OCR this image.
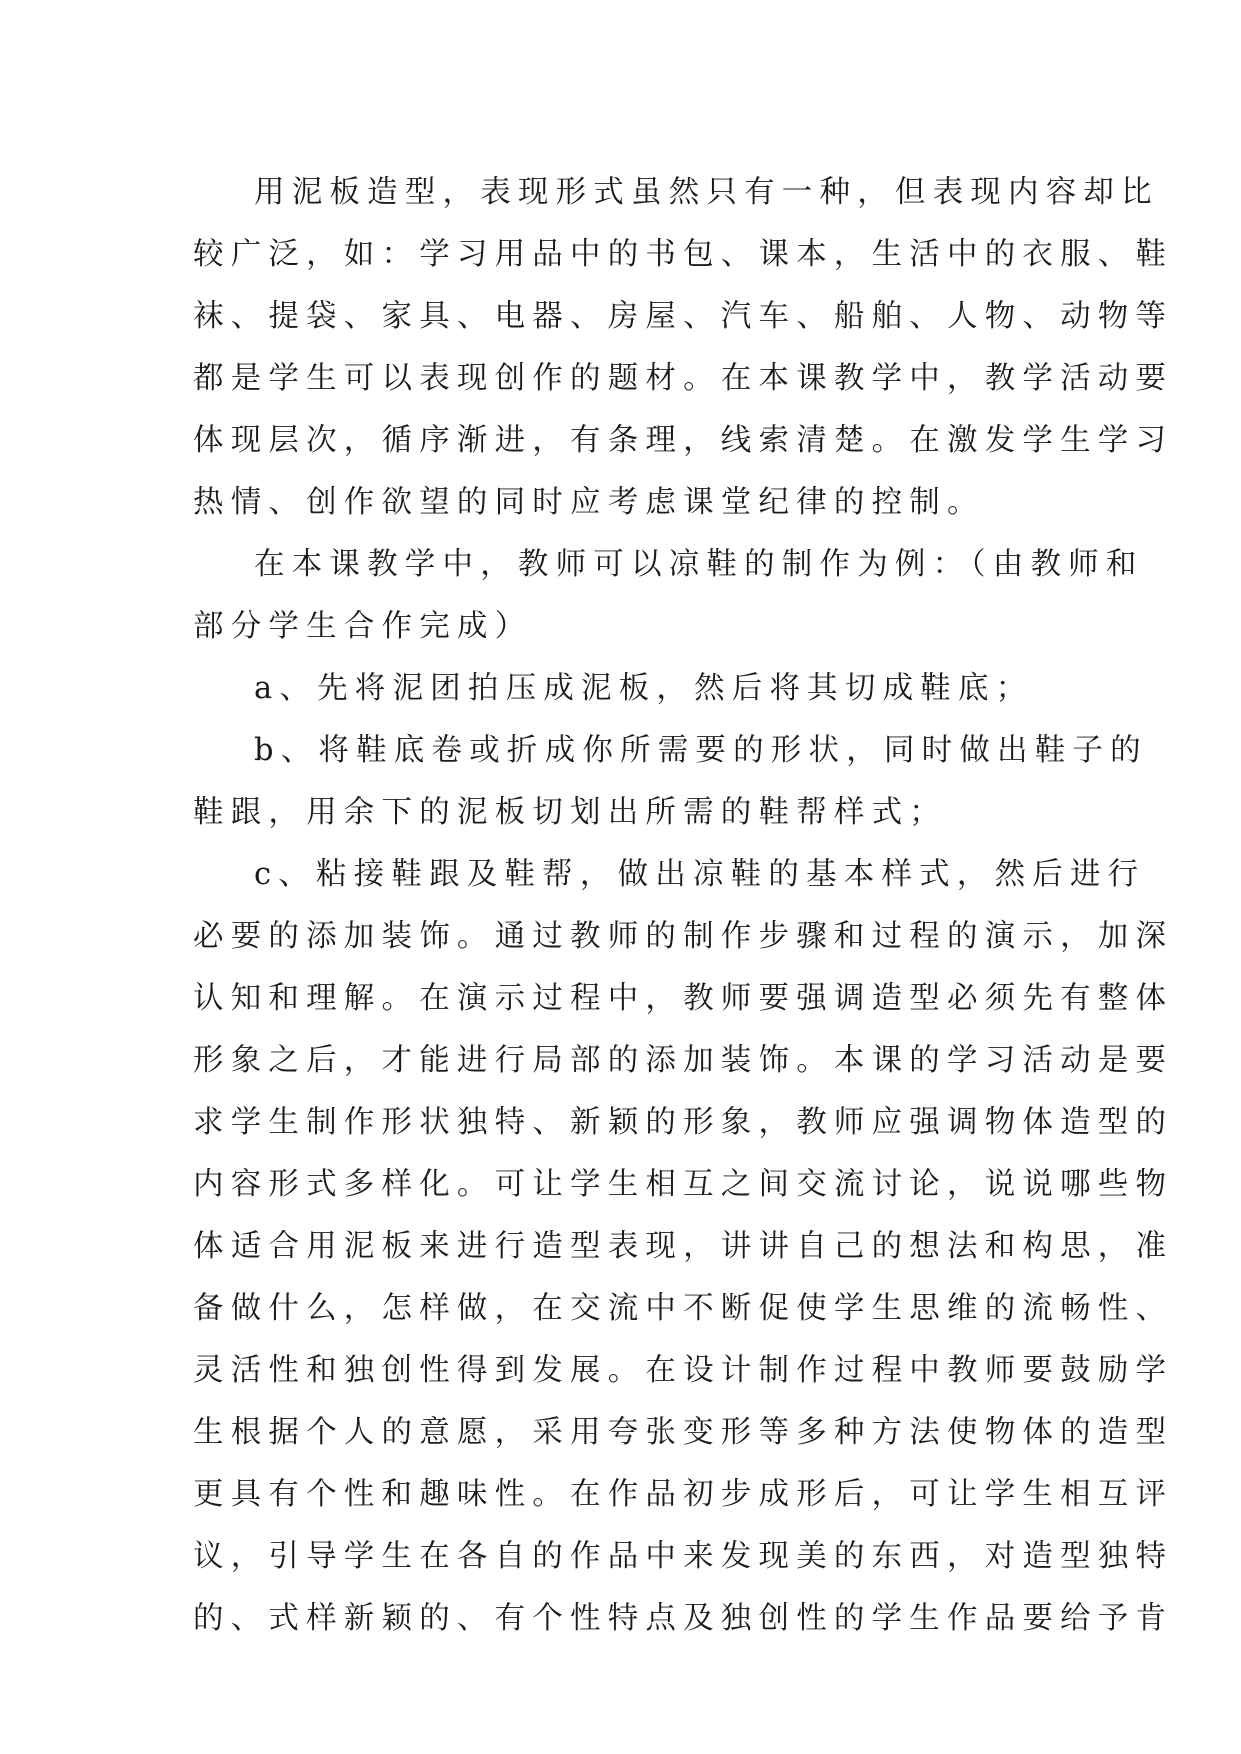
用泥板造型，表现形式虽然只有一种，但表现内容却比
较广泛，如：学习用品中的书包、课本，生活中的衣服、鞋
袜、提袋、家具、电器、房屋、汽车、船舶、人物、动物等
都是学生可以表现创作的题材。在本课教学中，教学活动要
体现层次，循序渐进，有条理，线索清楚。在激发学生学习
热情、创作欲望的同时应考虑课堂纪律的控制。
在本课教学中，教师可以凉鞋的制作为例：（由教师和
部分学生合作完成）
a、先将泥团拍压成泥板，然后将其切成鞋底；
b、将鞋底卷或折成你所需要的形状，同时做出鞋子的
鞋跟，用余下的泥板切划出所需的鞋帮样式；
c、粘接鞋跟及鞋帮，做出凉鞋的基本样式，然后进行
必要的添加装饰。通过教师的制作步骤和过程的演示，加深
认知和理解。在演示过程中，教师要强调造型必须先有整体
形象之后，才能进行局部的添加装饰。本课的学习活动是要
求学生制作形状独特、新颖的形象，教师应强调物体造型的
内容形式多样化。可让学生相互之间交流讨论，说说哪些物
体适合用泥板来进行造型表现，讲讲自己的想法和构思，准
备做什么，怎样做，在交流中不断促使学生思维的流畅性、
灵活性和独创性得到发展。在设计制作过程中教师要鼓励学
生根据个人的意愿，采用夸张变形等多种方法使物体的造型
更具有个性和趣味性。在作品初步成形后，可让学生相互评
议，引导学生在各自的作品中来发现美的东西，对造型独特
的、式样新颖的、有个性特点及独创性的学生作品要给予肯
